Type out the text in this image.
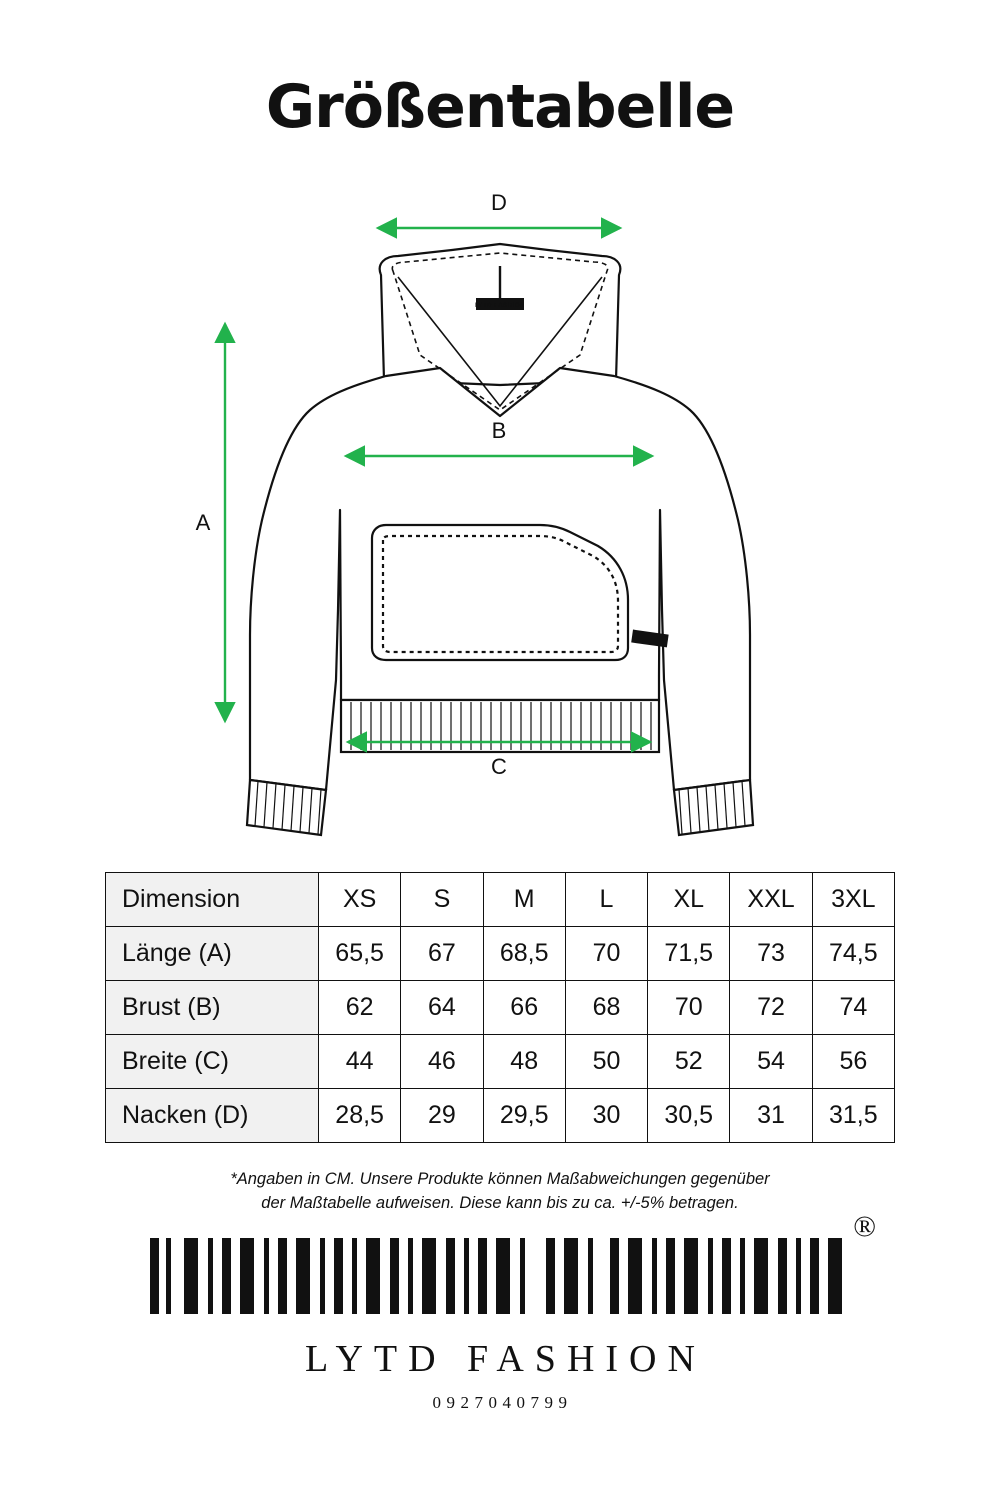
Größentabelle
LYTD FASHION
D
B
C
A
Dimension	XS	S	M	L	XL	XXL	3XL
Länge (A)	65,5	67	68,5	70	71,5	73	74,5
Brust (B)	62	64	66	68	70	72	74
Breite (C)	44	46	48	50	52	54	56
Nacken (D)	28,5	29	29,5	30	30,5	31	31,5
*Angaben in CM. Unsere Produkte können Maßabweichungen gegenüber
der Maßtabelle aufweisen. Diese kann bis zu ca. +/-5% betragen.
®
LYTD FASHION
0927040799
